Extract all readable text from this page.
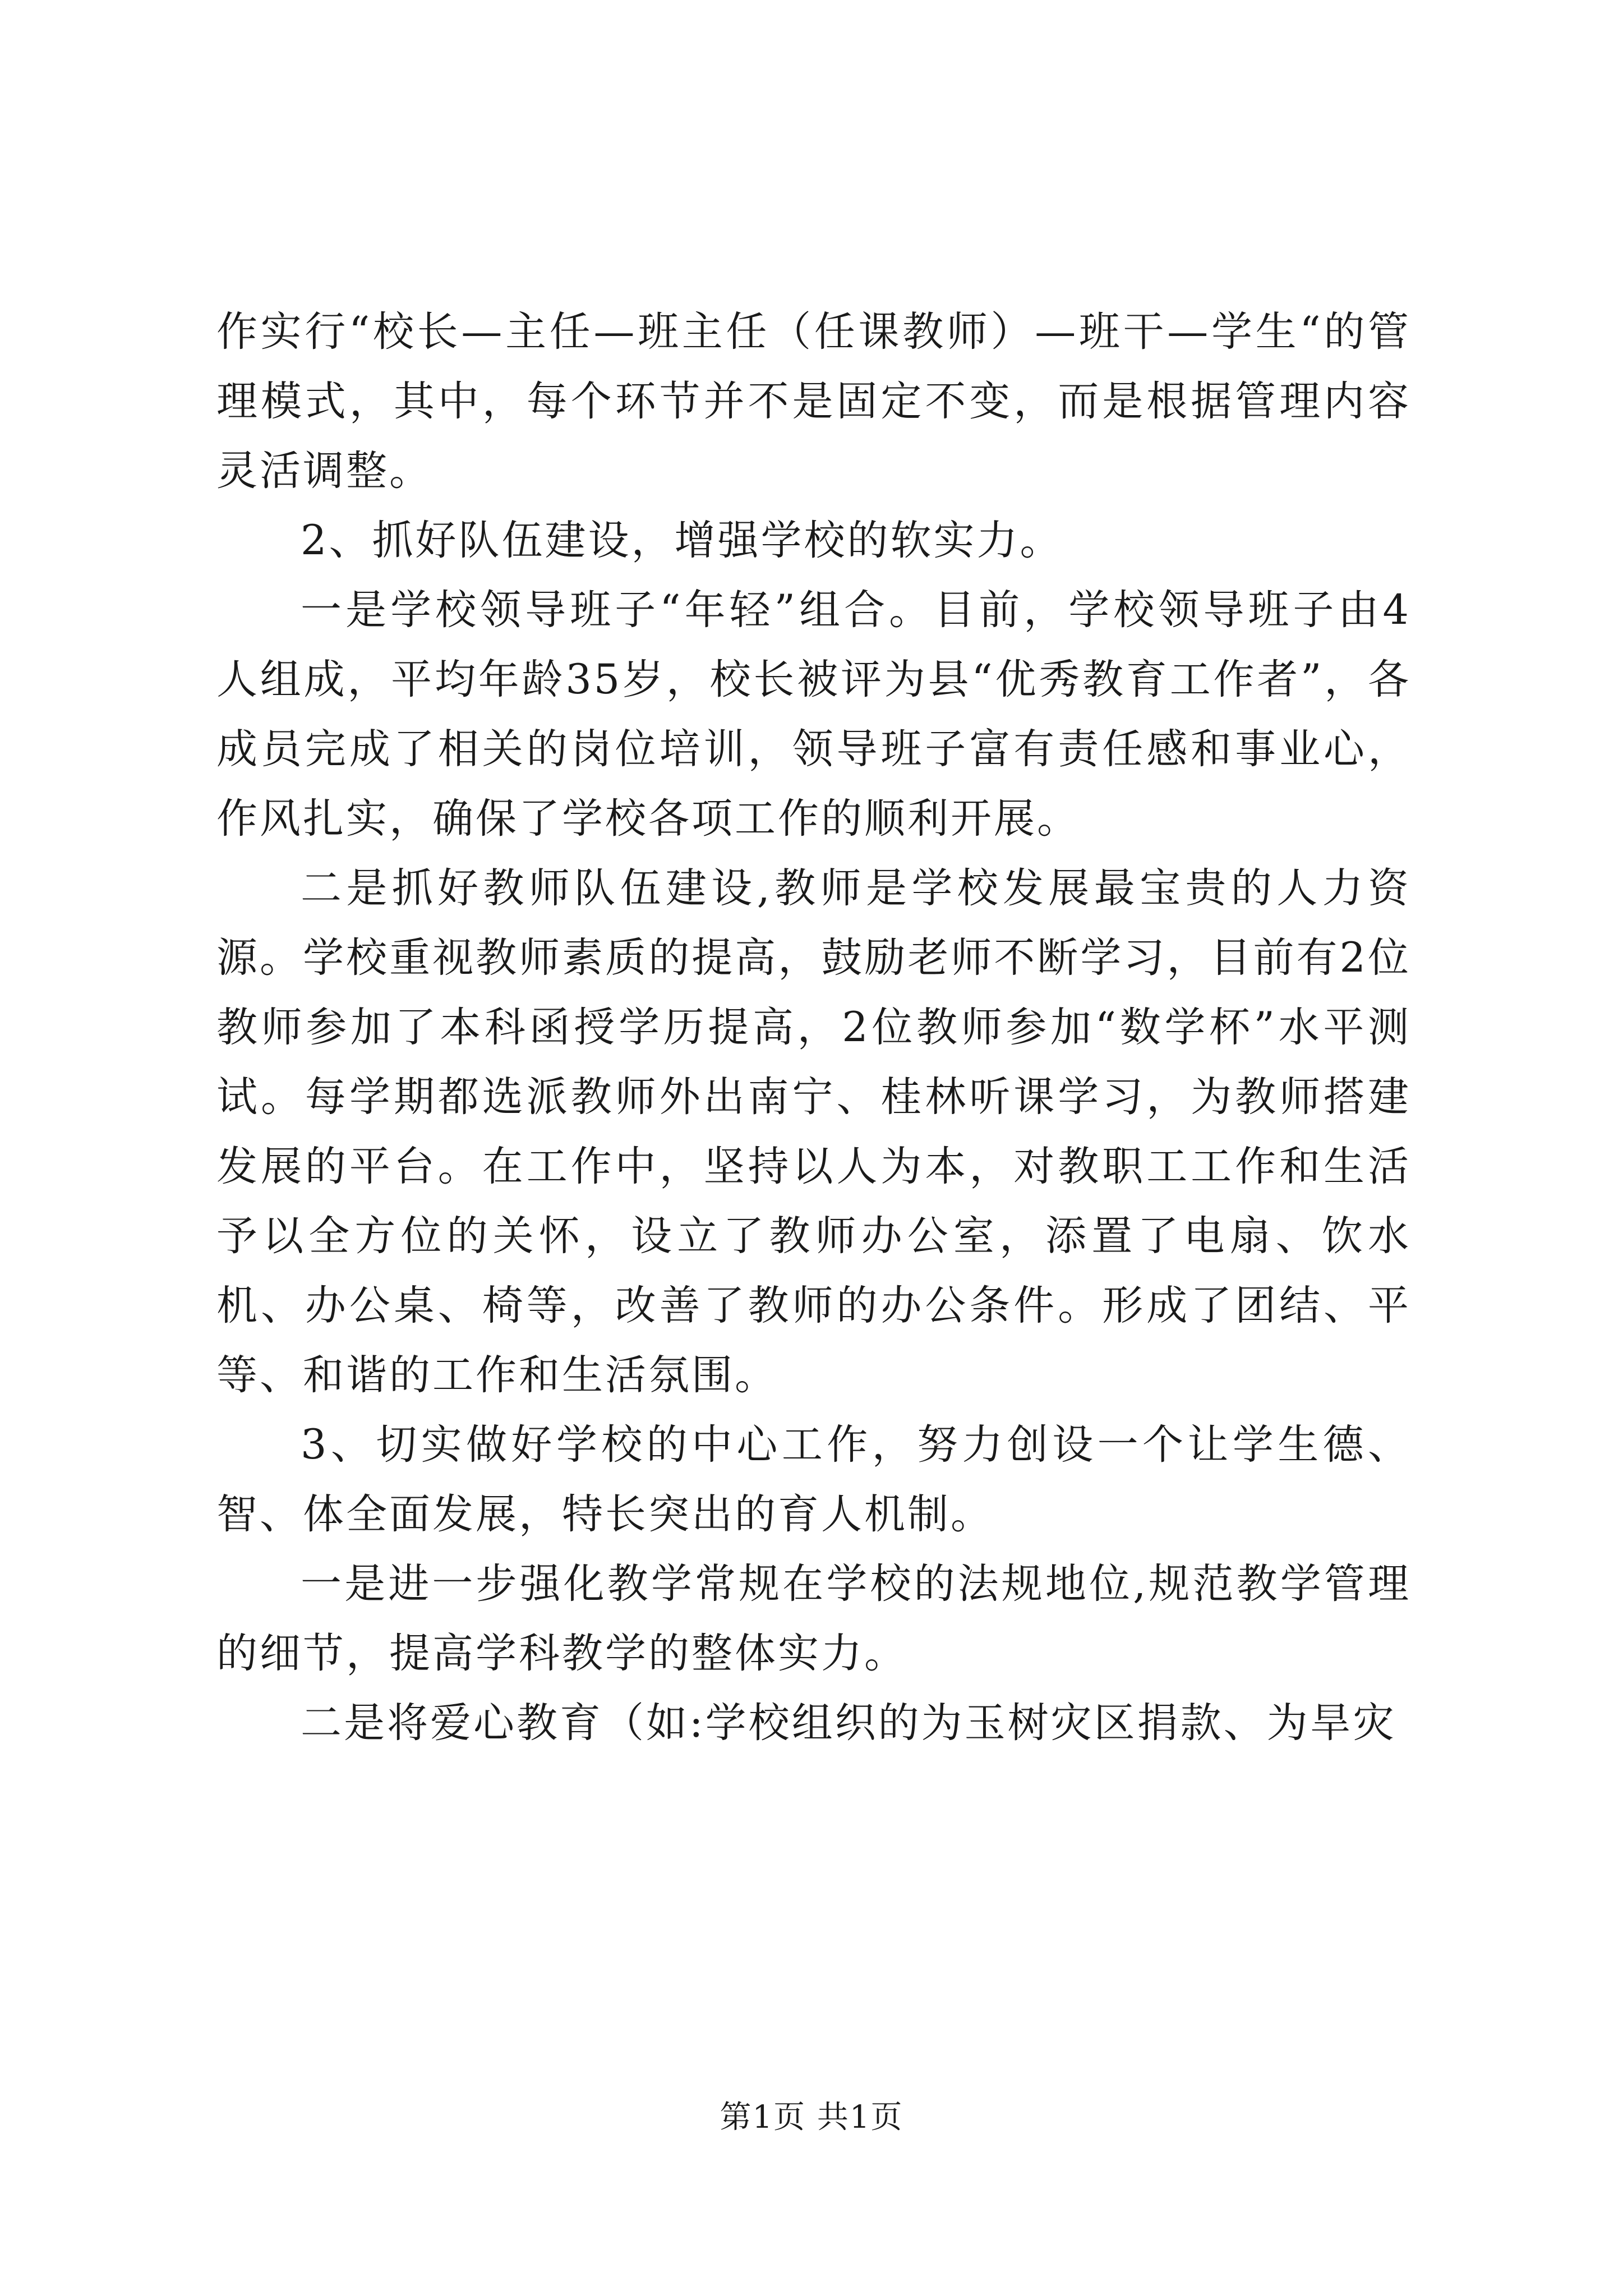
作实行“校长—主任—班主任（任课教师）—班干—学生“的管理模式，其中，每个环节并不是固定不变，而是根据管理内容灵活调整。

2、抓好队伍建设，增强学校的软实力。

一是学校领导班子“年轻”组合。目前，学校领导班子由4人组成，平均年龄35岁，校长被评为县“优秀教育工作者”，各成员完成了相关的岗位培训，领导班子富有责任感和事业心，作风扎实，确保了学校各项工作的顺利开展。

二是抓好教师队伍建设,教师是学校发展最宝贵的人力资源。学校重视教师素质的提高，鼓励老师不断学习，目前有2位教师参加了本科函授学历提高，2位教师参加“数学杯”水平测试。每学期都选派教师外出南宁、桂林听课学习，为教师搭建发展的平台。在工作中，坚持以人为本，对教职工工作和生活予以全方位的关怀，设立了教师办公室，添置了电扇、饮水机、办公桌、椅等，改善了教师的办公条件。形成了团结、平等、和谐的工作和生活氛围。

3、切实做好学校的中心工作，努力创设一个让学生德、智、体全面发展，特长突出的育人机制。

一是进一步强化教学常规在学校的法规地位,规范教学管理的细节，提高学科教学的整体实力。

二是将爱心教育（如:学校组织的为玉树灾区捐款、为旱灾

第1页 共1页
